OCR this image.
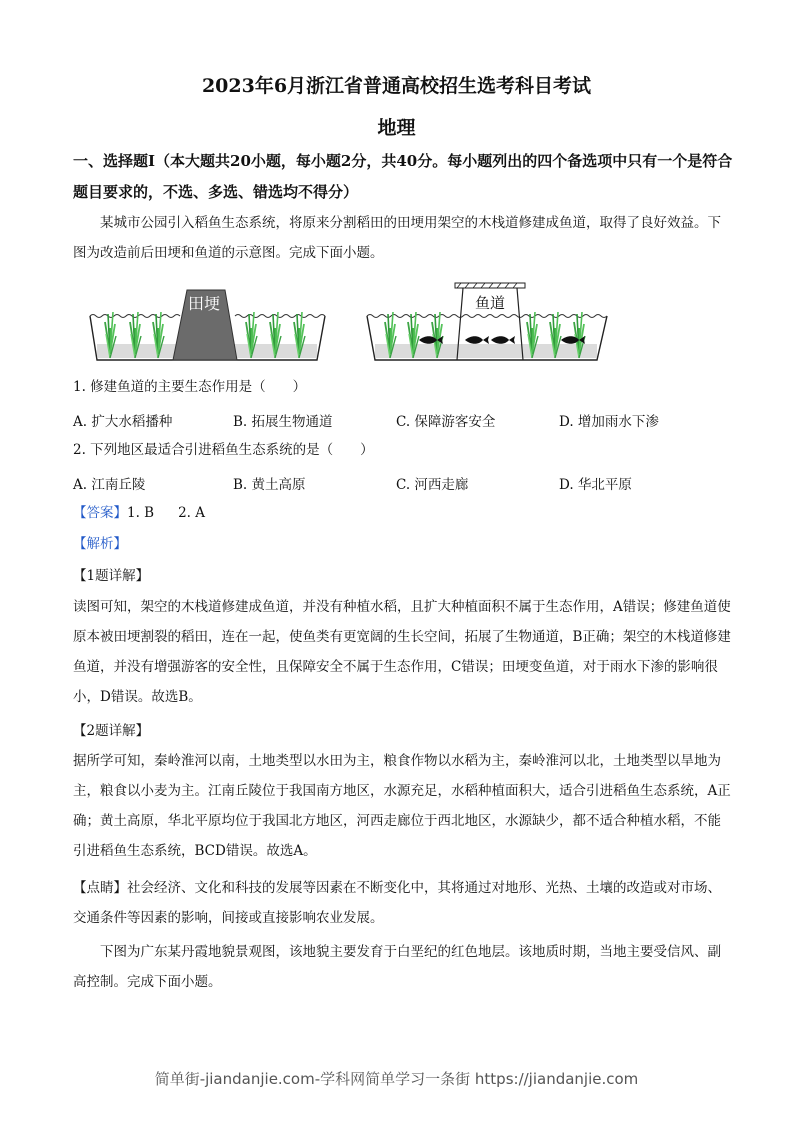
2023年6月浙江省普通高校招生选考科目考试
地理
一、选择题Ⅰ（本大题共20小题，每小题2分，共40分。每小题列出的四个备选项中只有一个是符合题目要求的，不选、多选、错选均不得分）
某城市公园引入稻鱼生态系统，将原来分割稻田的田埂用架空的木栈道修建成鱼道，取得了良好效益。下图为改造前后田埂和鱼道的示意图。完成下面小题。
田埂	鱼道
1. 修建鱼道的主要生态作用是（　　）
A. 扩大水稻播种	B. 拓展生物通道	C. 保障游客安全	D. 增加雨水下渗
2. 下列地区最适合引进稻鱼生态系统的是（　　）
A. 江南丘陵	B. 黄土高原	C. 河西走廊	D. 华北平原
【答案】1. B 2. A
【解析】
【1题详解】
读图可知，架空的木栈道修建成鱼道，并没有种植水稻，且扩大种植面积不属于生态作用，A错误；修建鱼道使原本被田埂割裂的稻田，连在一起，使鱼类有更宽阔的生长空间，拓展了生物通道，B正确；架空的木栈道修建鱼道，并没有增强游客的安全性，且保障安全不属于生态作用，C错误；田埂变鱼道，对于雨水下渗的影响很小，D错误。故选B。
【2题详解】
据所学可知，秦岭淮河以南，土地类型以水田为主，粮食作物以水稻为主，秦岭淮河以北，土地类型以旱地为主，粮食以小麦为主。江南丘陵位于我国南方地区，水源充足，水稻种植面积大，适合引进稻鱼生态系统，A正确；黄土高原，华北平原均位于我国北方地区，河西走廊位于西北地区，水源缺少，都不适合种植水稻，不能引进稻鱼生态系统，BCD错误。故选A。
【点睛】社会经济、文化和科技的发展等因素在不断变化中，其将通过对地形、光热、土壤的改造或对市场、交通条件等因素的影响，间接或直接影响农业发展。
下图为广东某丹霞地貌景观图，该地貌主要发育于白垩纪的红色地层。该地质时期，当地主要受信风、副高控制。完成下面小题。
简单街-jiandanjie.com-学科网简单学习一条街 https://jiandanjie.com
